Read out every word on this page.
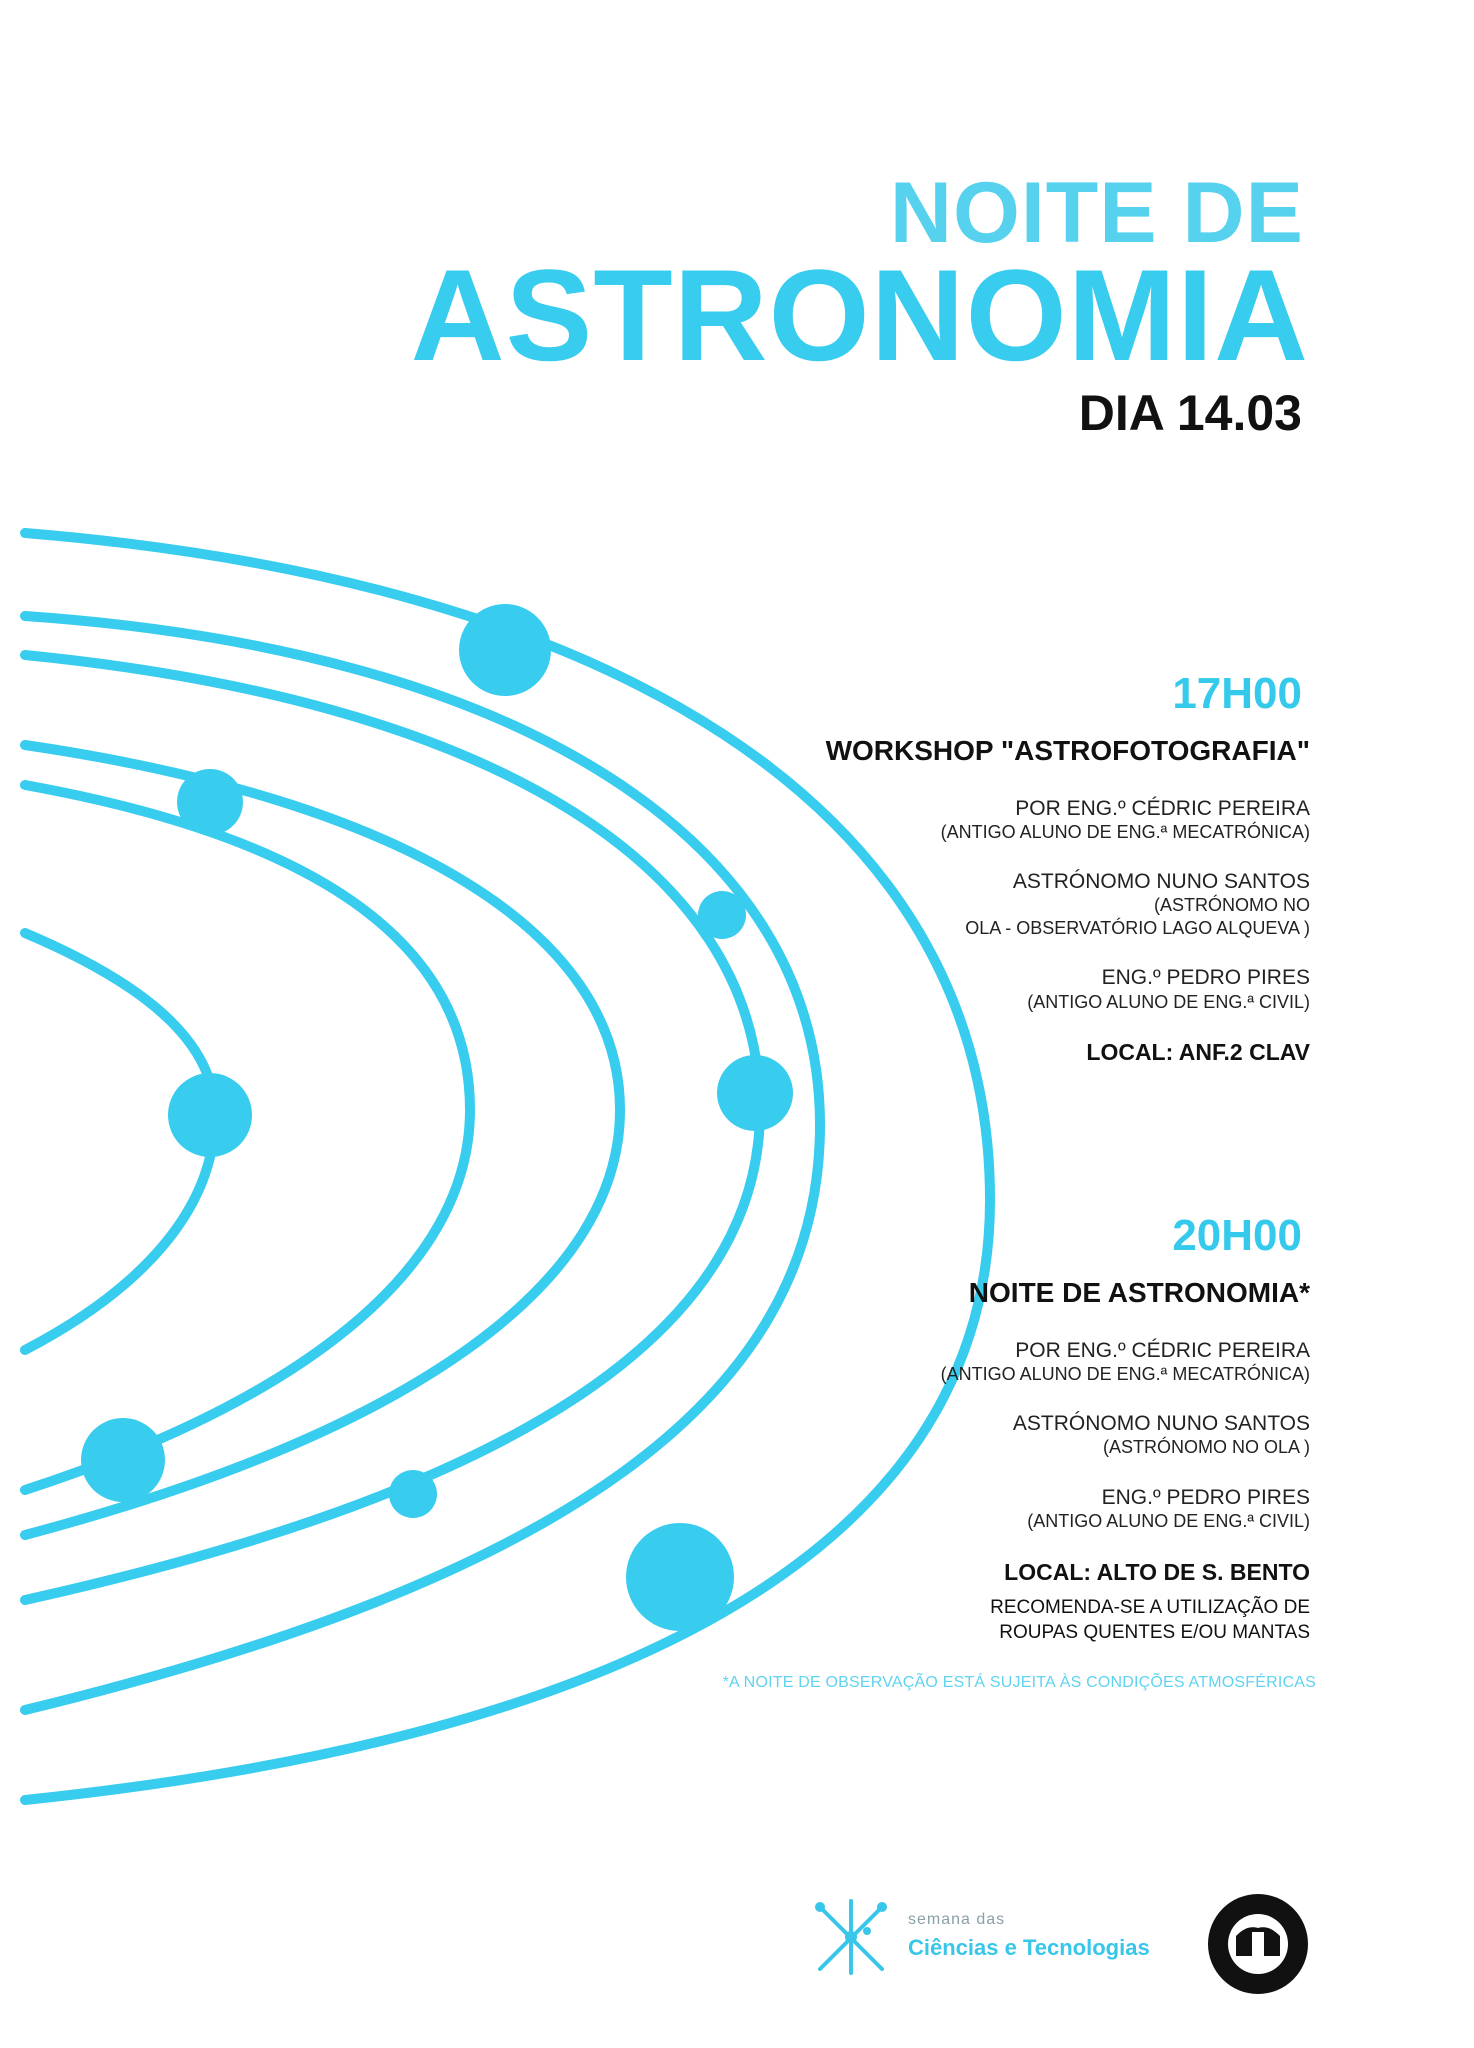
NOITE DE
ASTRONOMIA
DIA 14.03
17H00
WORKSHOP "ASTROFOTOGRAFIA"
POR ENG.º CÉDRIC PEREIRA
(ANTIGO ALUNO DE ENG.ª MECATRÓNICA)
ASTRÓNOMO NUNO SANTOS
(ASTRÓNOMO NO
OLA - OBSERVATÓRIO LAGO ALQUEVA )
ENG.º PEDRO PIRES
(ANTIGO ALUNO DE ENG.ª CIVIL)
LOCAL: ANF.2 CLAV
20H00
NOITE DE ASTRONOMIA*
POR ENG.º CÉDRIC PEREIRA
(ANTIGO ALUNO DE ENG.ª MECATRÓNICA)
ASTRÓNOMO NUNO SANTOS
(ASTRÓNOMO NO OLA )
ENG.º PEDRO PIRES
(ANTIGO ALUNO DE ENG.ª CIVIL)
LOCAL: ALTO DE S. BENTO
RECOMENDA-SE A UTILIZAÇÃO DE
ROUPAS QUENTES E/OU MANTAS
*A NOITE DE OBSERVAÇÃO ESTÁ SUJEITA ÀS CONDIÇÕES ATMOSFÉRICAS
semana das
Ciências e Tecnologias
